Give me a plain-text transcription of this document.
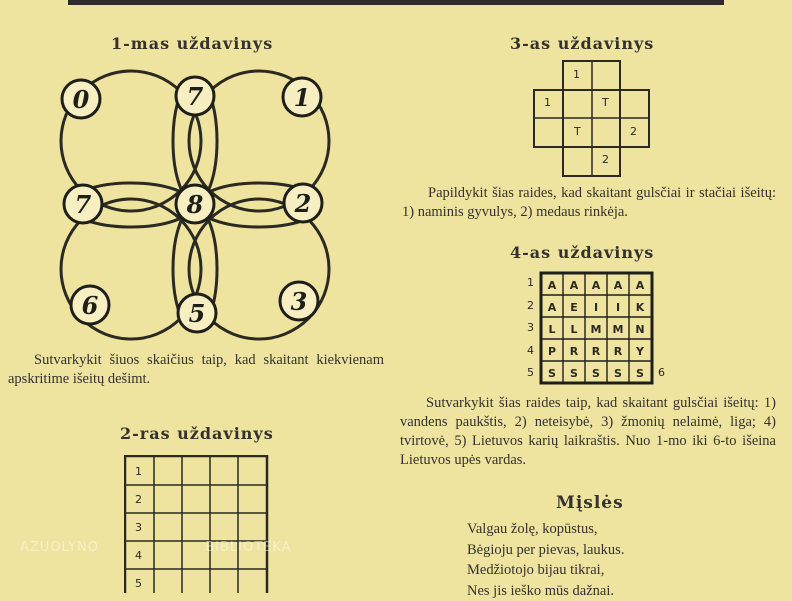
1-mas uždavinys
0	7	1
7	8	2
6	5	3
Sutvarkykit šiuos skaičius taip, kad skaitant kiekvienam apskritime išeitų dešimt.
2-ras uždavinys
1
2
3
4
5
3-as uždavinys
1
1	T
T	2
2
Papildykit šias raides, kad skaitant gulsčiai ir stačiai išeitų: 1) naminis gyvulys, 2) medaus rinkėja.
4-as uždavinys
1
2
3
4
5	6
A A A A A
A E I I K
L L M M N
P R R R Y
S S S S S
Sutvarkykit šias raides taip, kad skaitant gulsčiai išeitų: 1) vandens paukštis, 2) neteisybė, 3) žmonių nelaimė, liga; 4) tvirtovė, 5) Lietuvos karių laikraštis. Nuo 1-mo iki 6-to išeina Lietuvos upės vardas.
Mįslės
Valgau žolę, kopūstus,
Bėgioju per pievas, laukus.
Medžiotojo bijau tikrai,
Nes jis ieško mūs dažnai.
AZUOLYNO	BIBLIOTEKA
